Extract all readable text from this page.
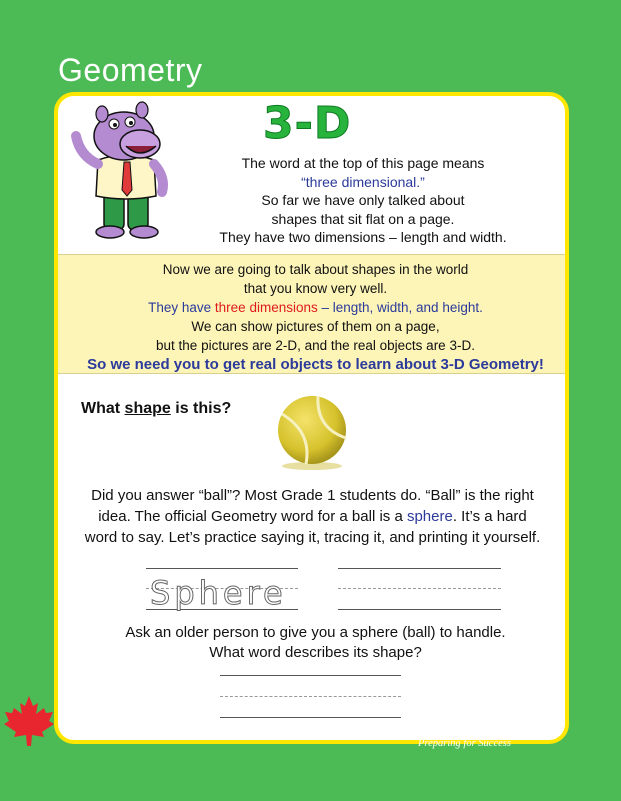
Geometry
3-D
The word at the top of this page means
“three dimensional.”
So far we have only talked about
shapes that sit flat on a page.
They have two dimensions – length and width.
Now we are going to talk about shapes in the world
that you know very well.
They have three dimensions – length, width, and height.
We can show pictures of them on a page,
but the pictures are 2-D, and the real objects are 3-D.
So we need you to get real objects to learn about 3-D Geometry!
What shape is this?
Did you answer “ball”? Most Grade 1 students do. “Ball” is the right
idea. The official Geometry word for a ball is a sphere. It’s a hard
word to say. Let’s practice saying it, tracing it, and printing it yourself.
Sphere
Ask an older person to give you a sphere (ball) to handle.
What word describes its shape?
132
Preparing for Success
